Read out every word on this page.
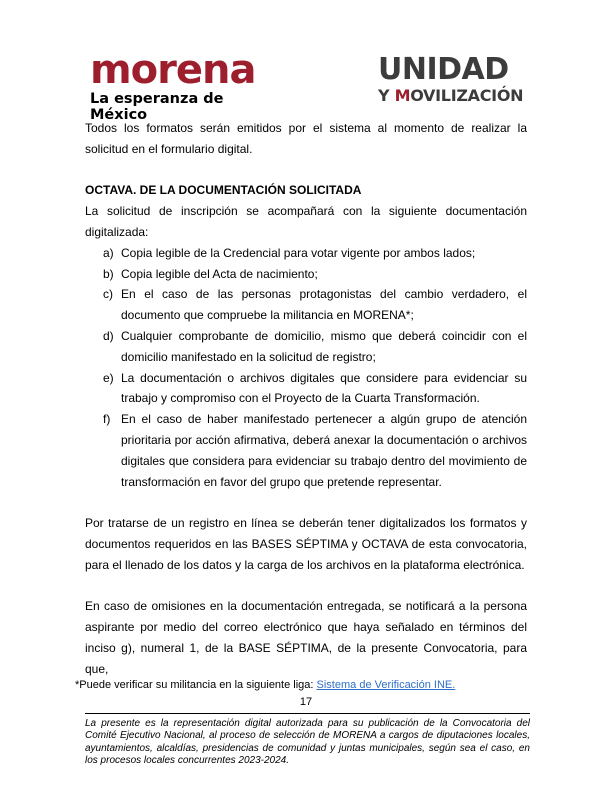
morena
La esperanza de México
UNIDAD
Y MOVILIZACIÓN

Todos los formatos serán emitidos por el sistema al momento de realizar la solicitud en el formulario digital.

OCTAVA. DE LA DOCUMENTACIÓN SOLICITADA

La solicitud de inscripción se acompañará con la siguiente documentación digitalizada:

a) Copia legible de la Credencial para votar vigente por ambos lados;
b) Copia legible del Acta de nacimiento;
c) En el caso de las personas protagonistas del cambio verdadero, el documento que compruebe la militancia en MORENA*;
d) Cualquier comprobante de domicilio, mismo que deberá coincidir con el domicilio manifestado en la solicitud de registro;
e) La documentación o archivos digitales que considere para evidenciar su trabajo y compromiso con el Proyecto de la Cuarta Transformación.
f) En el caso de haber manifestado pertenecer a algún grupo de atención prioritaria por acción afirmativa, deberá anexar la documentación o archivos digitales que considera para evidenciar su trabajo dentro del movimiento de transformación en favor del grupo que pretende representar.

Por tratarse de un registro en línea se deberán tener digitalizados los formatos y documentos requeridos en las BASES SÉPTIMA y OCTAVA de esta convocatoria, para el llenado de los datos y la carga de los archivos en la plataforma electrónica.

En caso de omisiones en la documentación entregada, se notificará a la persona aspirante por medio del correo electrónico que haya señalado en términos del inciso g), numeral 1, de la BASE SÉPTIMA, de la presente Convocatoria, para que,

*Puede verificar su militancia en la siguiente liga: Sistema de Verificación INE.
17
La presente es la representación digital autorizada para su publicación de la Convocatoria del Comité Ejecutivo Nacional, al proceso de selección de MORENA a cargos de diputaciones locales, ayuntamientos, alcaldías, presidencias de comunidad y juntas municipales, según sea el caso, en los procesos locales concurrentes 2023-2024.
